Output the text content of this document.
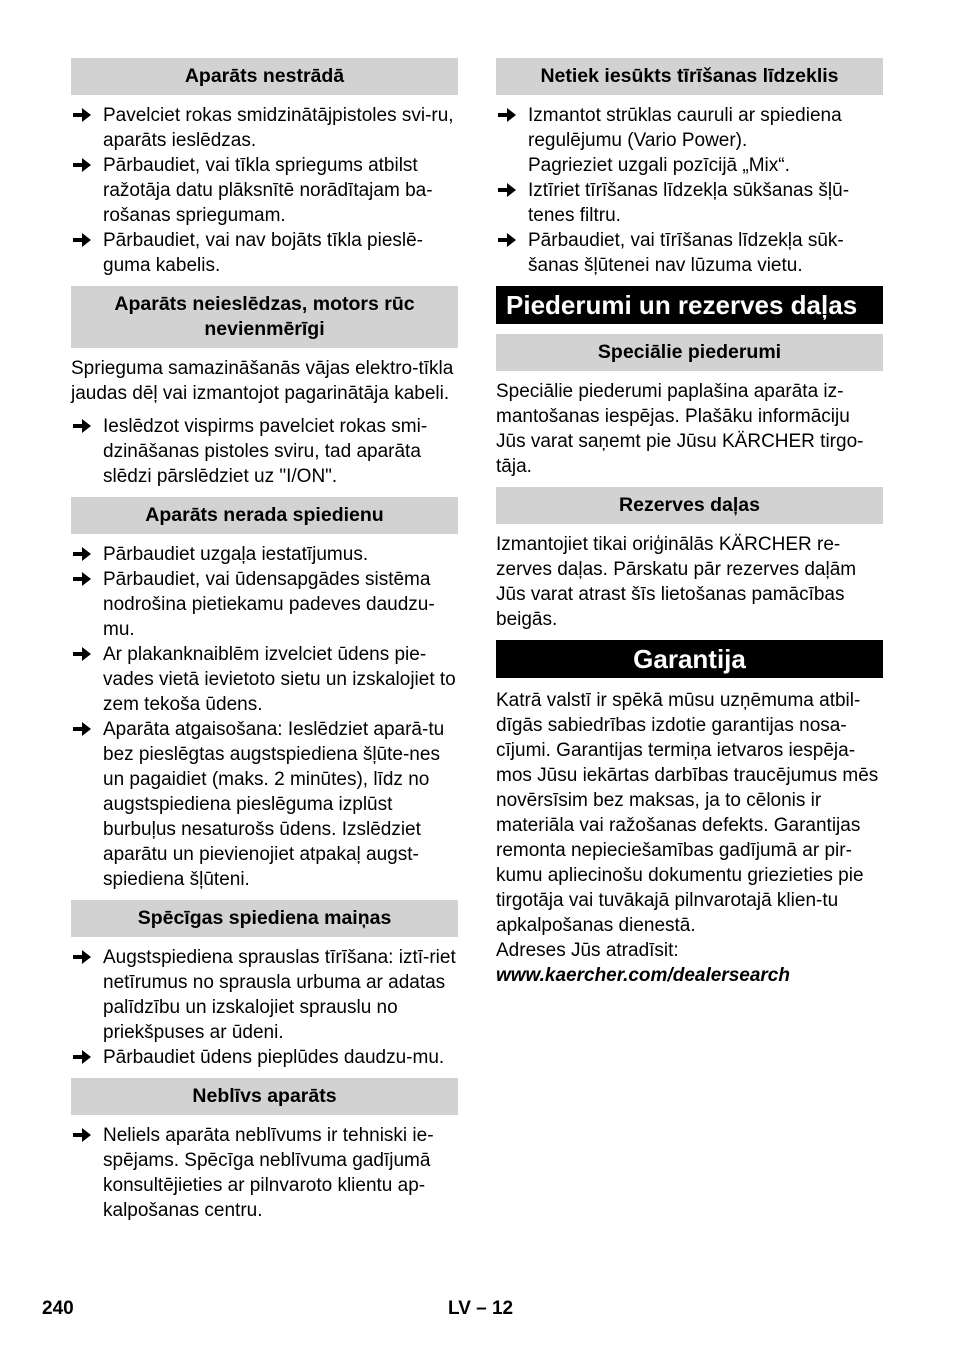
Aparāts nestrādā
Pavelciet rokas smidzinātājpistoles svi-ru, aparāts ieslēdzas.
Pārbaudiet, vai tīkla spriegums atbilst ražotāja datu plāksnītē norādītajam ba-rošanas spriegumam.
Pārbaudiet, vai nav bojāts tīkla pieslē-guma kabelis.
Aparāts neieslēdzas, motors rūc nevienmērīgi

Sprieguma samazināšanās vājas elektro-tīkla jaudas dēļ vai izmantojot pagarinātāja kabeli.

Ieslēdzot vispirms pavelciet rokas smi-dzināšanas pistoles sviru, tad aparāta slēdzi pārslēdziet uz "I/ON".
Aparāts nerada spiedienu
Pārbaudiet uzgaļa iestatījumus.
Pārbaudiet, vai ūdensapgādes sistēma nodrošina pietiekamu padeves daudzu-mu.
Ar plakanknaiblēm izvelciet ūdens pie-vades vietā ievietoto sietu un izskalojiet to zem tekoša ūdens.
Aparāta atgaisošana: Ieslēdziet aparā-tu bez pieslēgtas augstspiediena šļūte-nes un pagaidiet (maks. 2 minūtes), līdz no augstspiediena pieslēguma izplūst burbuļus nesaturošs ūdens. Izslēdziet aparātu un pievienojiet atpakaļ augst-spiediena šļūteni.
Spēcīgas spiediena maiņas
Augstspiediena sprauslas tīrīšana: iztī-riet netīrumus no sprausla urbuma ar adatas palīdzību un izskalojiet sprauslu no priekšpuses ar ūdeni.
Pārbaudiet ūdens pieplūdes daudzu-mu.
Neblīvs aparāts
Neliels aparāta neblīvums ir tehniski ie-spējams. Spēcīga neblīvuma gadījumā konsultējieties ar pilnvaroto klientu ap-kalpošanas centru.
Netiek iesūkts tīrīšanas līdzeklis
Izmantot strūklas cauruli ar spiediena regulējumu (Vario Power).
Pagrieziet uzgali pozīcijā „Mix“.
Iztīriet tīrīšanas līdzekļa sūkšanas šļū-tenes filtru.
Pārbaudiet, vai tīrīšanas līdzekļa sūk-šanas šļūtenei nav lūzuma vietu.
Piederumi un rezerves daļas
Speciālie piederumi

Speciālie piederumi paplašina aparāta iz-mantošanas iespējas. Plašāku informāciju Jūs varat saņemt pie Jūsu KÄRCHER tirgo-tāja.

Rezerves daļas

Izmantojiet tikai oriģinālās KÄRCHER re-zerves daļas. Pārskatu pār rezerves daļām Jūs varat atrast šīs lietošanas pamācības beigās.

Garantija

Katrā valstī ir spēkā mūsu uzņēmuma atbil-dīgās sabiedrības izdotie garantijas nosa-cījumi. Garantijas termiņa ietvaros iespēja-mos Jūsu iekārtas darbības traucējumus mēs novērsīsim bez maksas, ja to cēlonis ir materiāla vai ražošanas defekts. Garantijas remonta nepieciešamības gadījumā ar pir-kumu apliecinošu dokumentu griezieties pie tirgotāja vai tuvākajā pilnvarotajā klien-tu apkalpošanas dienestā.

Adreses Jūs atradīsit:

www.kaercher.com/dealersearch

240	LV – 12
